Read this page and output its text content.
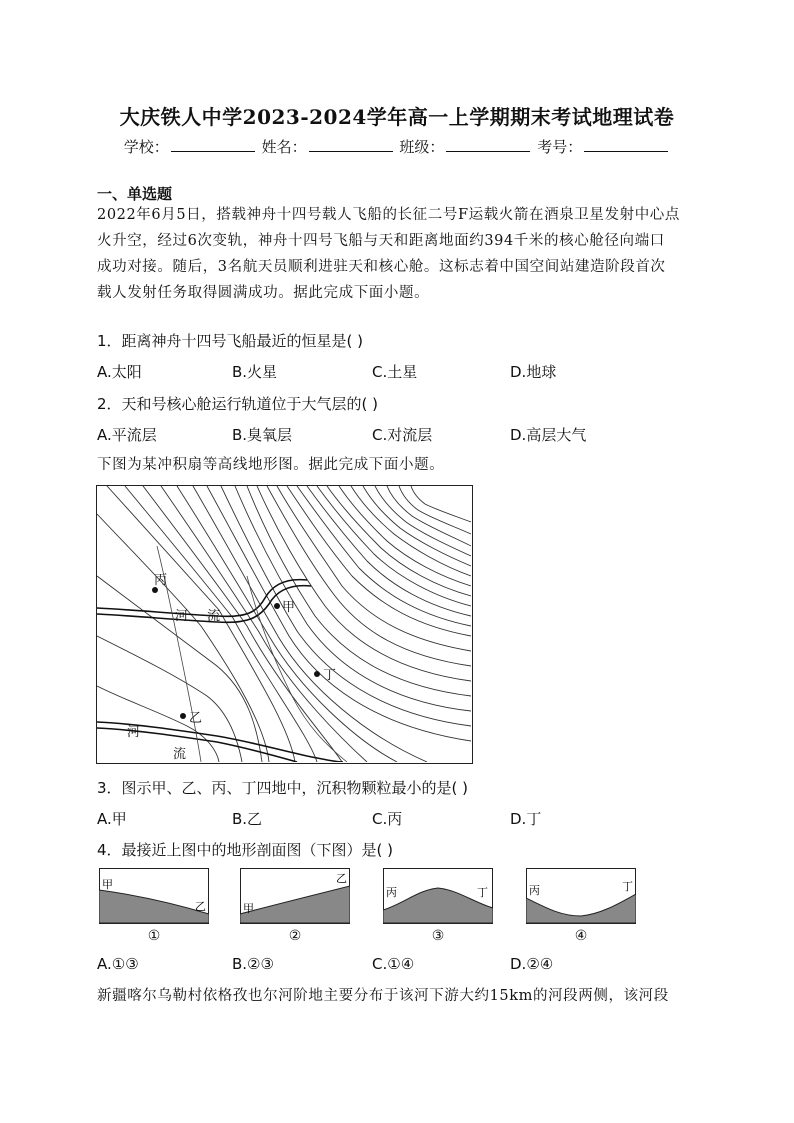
大庆铁人中学2023-2024学年高一上学期期末考试地理试卷
学校：	姓名：	班级：	考号：
一、单选题
2022年6月5日，搭载神舟十四号载人飞船的长征二号F运载火箭在酒泉卫星发射中心点
火升空，经过6次变轨，神舟十四号飞船与天和距离地面约394千米的核心舱径向端口
成功对接。随后，3名航天员顺利进驻天和核心舱。这标志着中国空间站建造阶段首次
载人发射任务取得圆满成功。据此完成下面小题。
1．距离神舟十四号飞船最近的恒星是( )
A.太阳	B.火星	C.土星	D.地球
2．天和号核心舱运行轨道位于大气层的( )
A.平流层	B.臭氧层	C.对流层	D.高层大气
下图为某冲积扇等高线地形图。据此完成下面小题。
丙
甲
丁
乙
河 流
河
流
3．图示甲、乙、丙、丁四地中，沉积物颗粒最小的是( )
A.甲	B.乙	C.丙	D.丁
4．最接近上图中的地形剖面图（下图）是( )
甲
乙
①
甲
乙
②
丙	丁
③
丙	丁
④
A.①③	B.②③	C.①④	D.②④
新疆喀尔乌勒村依格孜也尔河阶地主要分布于该河下游大约15km的河段两侧，该河段
